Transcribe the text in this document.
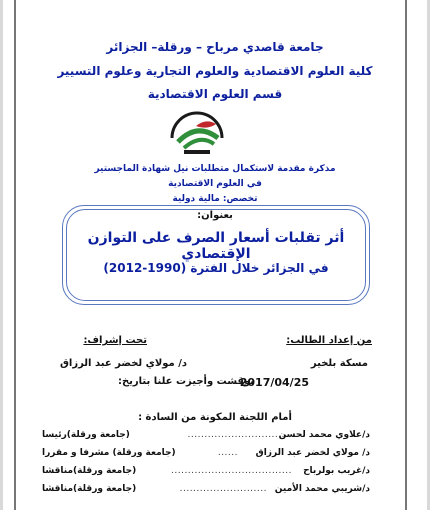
جامعة قاصدي مرباح – ورقلة– الجزائر
كلية العلوم الاقتصادية والعلوم التجارية وعلوم التسيير
قسم العلوم الاقتصادية
مذكرة مقدمة لاستكمال متطلبات نيل شهادة الماجستير
في العلوم الاقتصادية
تخصص: مالية دولية
بعنوان:
أثر تقلبات أسعار الصرف على التوازن الإقتصادي
في الجزائر خلال الفترة (1990-2012)
من إعداد الطالب:
تحت إشراف:
مسكة بلخير
د/ مولاي لخضر عبد الرزاق
نوقشت وأجيزت علنا بتاريخ:
2017/04/25
أمام اللجنة المكونة من السادة :
د/علاوي محمد لحسن
.............................
(جامعة ورقلة)رئيسا
د/ مولاي لخضر عبد الرزاق
......
(جامعة ورقلة) مشرفا و مقررا
د/غريب بولرباح
....................................
(جامعة ورقلة)مناقشا
د/شريبي محمد الأمين
..........................
(جامعة ورقلة)مناقشا
